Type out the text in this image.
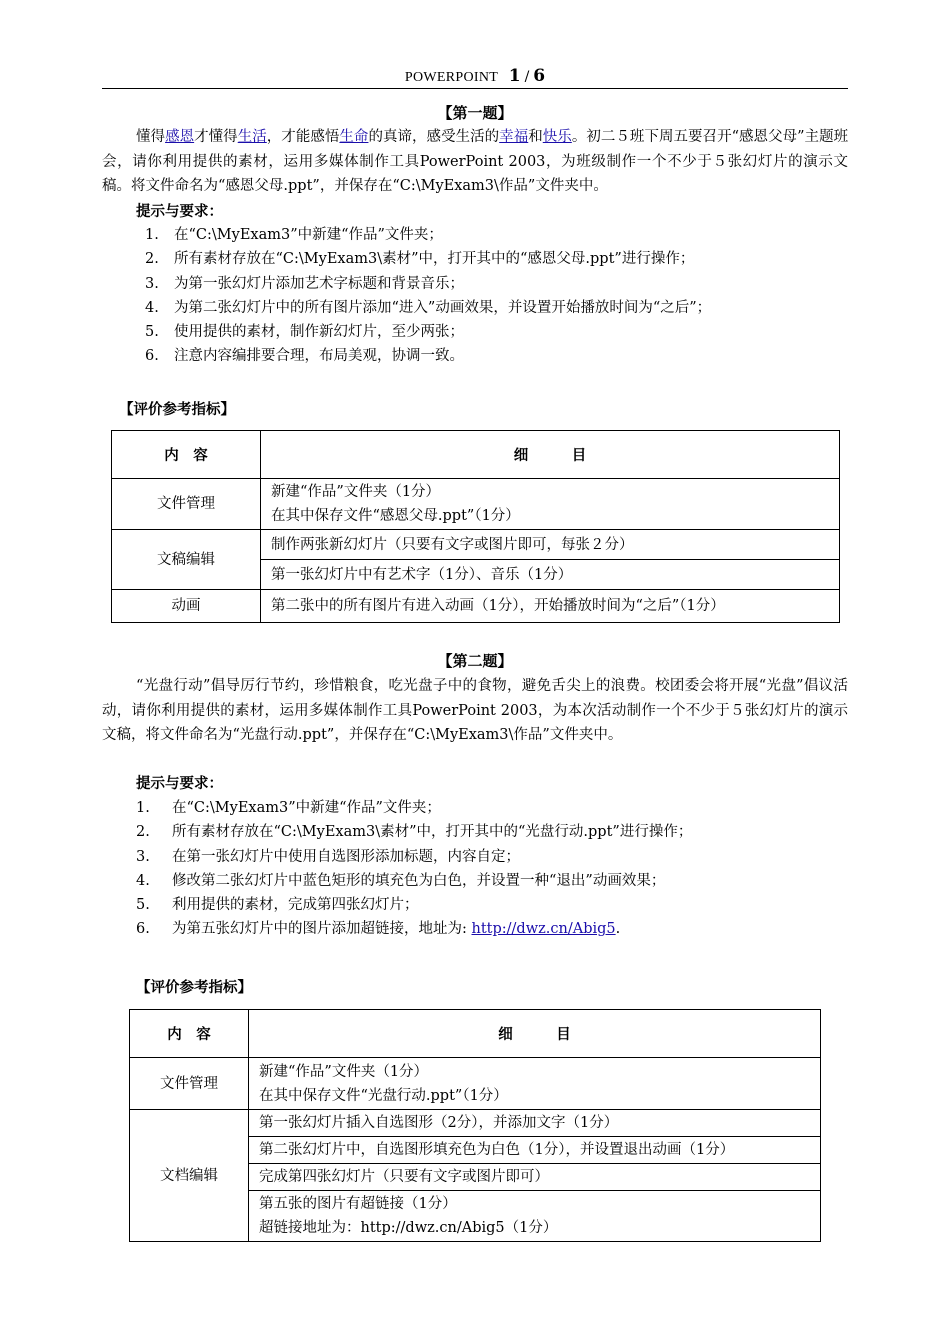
POWERPOINT 1 / 6
【第一题】

懂得感恩才懂得生活，才能感悟生命的真谛，感受生活的幸福和快乐。初二５班下周五要召开“感恩父母”主题班会，请你利用提供的素材，运用多媒体制作工具PowerPoint 2003，为班级制作一个不少于５张幻灯片的演示文稿。将文件命名为“感恩父母.ppt”，并保存在“C:\MyExam3\作品”文件夹中。

提示与要求：
1. 在“C:\MyExam3”中新建“作品”文件夹；
2. 所有素材存放在“C:\MyExam3\素材”中，打开其中的“感恩父母.ppt”进行操作；
3. 为第一张幻灯片添加艺术字标题和背景音乐；
4. 为第二张幻灯片中的所有图片添加“进入”动画效果，并设置开始播放时间为“之后”；
5. 使用提供的素材，制作新幻灯片，至少两张；
6. 注意内容编排要合理，布局美观，协调一致。
【评价参考指标】
内　容	细　　　目
文件管理	新建“作品”文件夹（1分）
在其中保存文件“感恩父母.ppt”（1分）

文稿编辑	制作两张新幻灯片（只要有文字或图片即可，每张２分）
	第一张幻灯片中有艺术字（1分）、音乐（1分）
动画	第二张中的所有图片有进入动画（1分），开始播放时间为“之后”（1分）
【第二题】

“光盘行动”倡导厉行节约，珍惜粮食，吃光盘子中的食物，避免舌尖上的浪费。校团委会将开展“光盘”倡议活动，请你利用提供的素材，运用多媒体制作工具PowerPoint 2003，为本次活动制作一个不少于５张幻灯片的演示文稿，将文件命名为“光盘行动.ppt”，并保存在“C:\MyExam3\作品”文件夹中。

提示与要求：
1. 在“C:\MyExam3”中新建“作品”文件夹；
2. 所有素材存放在“C:\MyExam3\素材”中，打开其中的“光盘行动.ppt”进行操作；
3. 在第一张幻灯片中使用自选图形添加标题，内容自定；
4. 修改第二张幻灯片中蓝色矩形的填充色为白色，并设置一种“退出”动画效果；
5. 利用提供的素材，完成第四张幻灯片；
6. 为第五张幻灯片中的图片添加超链接，地址为: http://dwz.cn/Abig5.
【评价参考指标】
内　容	细　　　目
文件管理	新建“作品”文件夹（1分）
在其中保存文件“光盘行动.ppt”（1分）

文档编辑	第一张幻灯片插入自选图形（2分），并添加文字（1分）
	第二张幻灯片中，自选图形填充色为白色（1分），并设置退出动画（1分）
	完成第四张幻灯片（只要有文字或图片即可）

	第五张的图片有超链接（1分）
超链接地址为：http://dwz.cn/Abig5（1分）
